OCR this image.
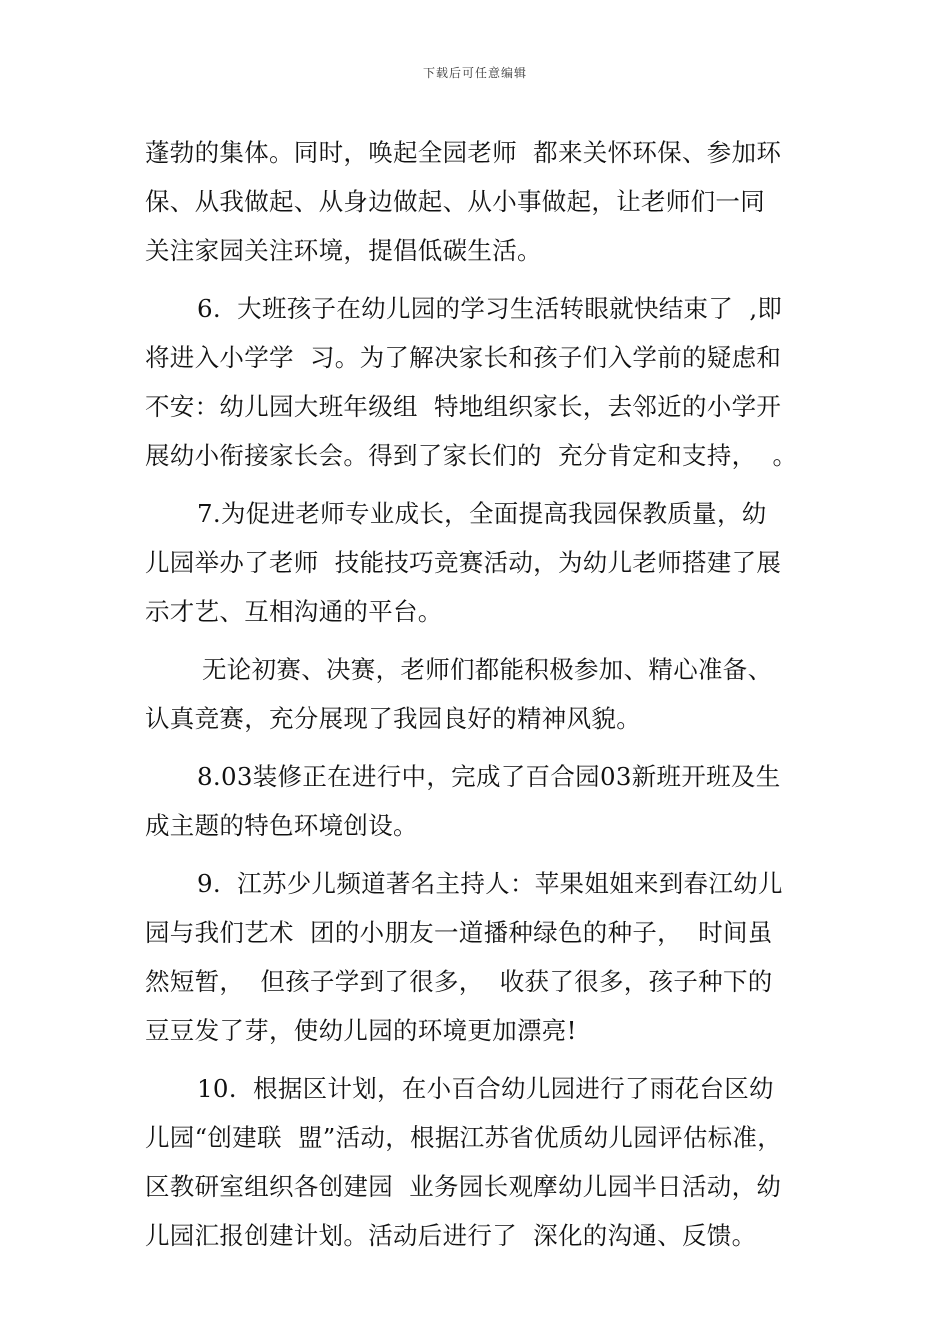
下载后可任意编辑
蓬勃的集体。同时，唤起全园老师  都来关怀环保、参加环
保、从我做起、从身边做起、从小事做起，让老师们一同
关注家园关注环境，提倡低碳生活。
6.  大班孩子在幼儿园的学习生活转眼就快结束了  ,即
将进入小学学  习。为了解决家长和孩子们入学前的疑虑和
不安：幼儿园大班年级组  特地组织家长，去邻近的小学开
展幼小衔接家长会。得到了家长们的  充分肯定和支持，  。
7.为促进老师专业成长，全面提高我园保教质量，幼
儿园举办了老师  技能技巧竞赛活动，为幼儿老师搭建了展
示才艺、互相沟通的平台。
无论初赛、决赛，老师们都能积极参加、精心准备、
认真竞赛，充分展现了我园良好的精神风貌。
8.03装修正在进行中，完成了百合园03新班开班及生
成主题的特色环境创设。
9.  江苏少儿频道著名主持人：苹果姐姐来到春江幼儿
园与我们艺术  团的小朋友一道播种绿色的种子，  时间虽
然短暂，  但孩子学到了很多，  收获了很多，孩子种下的
豆豆发了芽，使幼儿园的环境更加漂亮!
10.  根据区计划，在小百合幼儿园进行了雨花台区幼
儿园“创建联  盟”活动，根据江苏省优质幼儿园评估标准，
区教研室组织各创建园  业务园长观摩幼儿园半日活动，幼
儿园汇报创建计划。活动后进行了  深化的沟通、反馈。
